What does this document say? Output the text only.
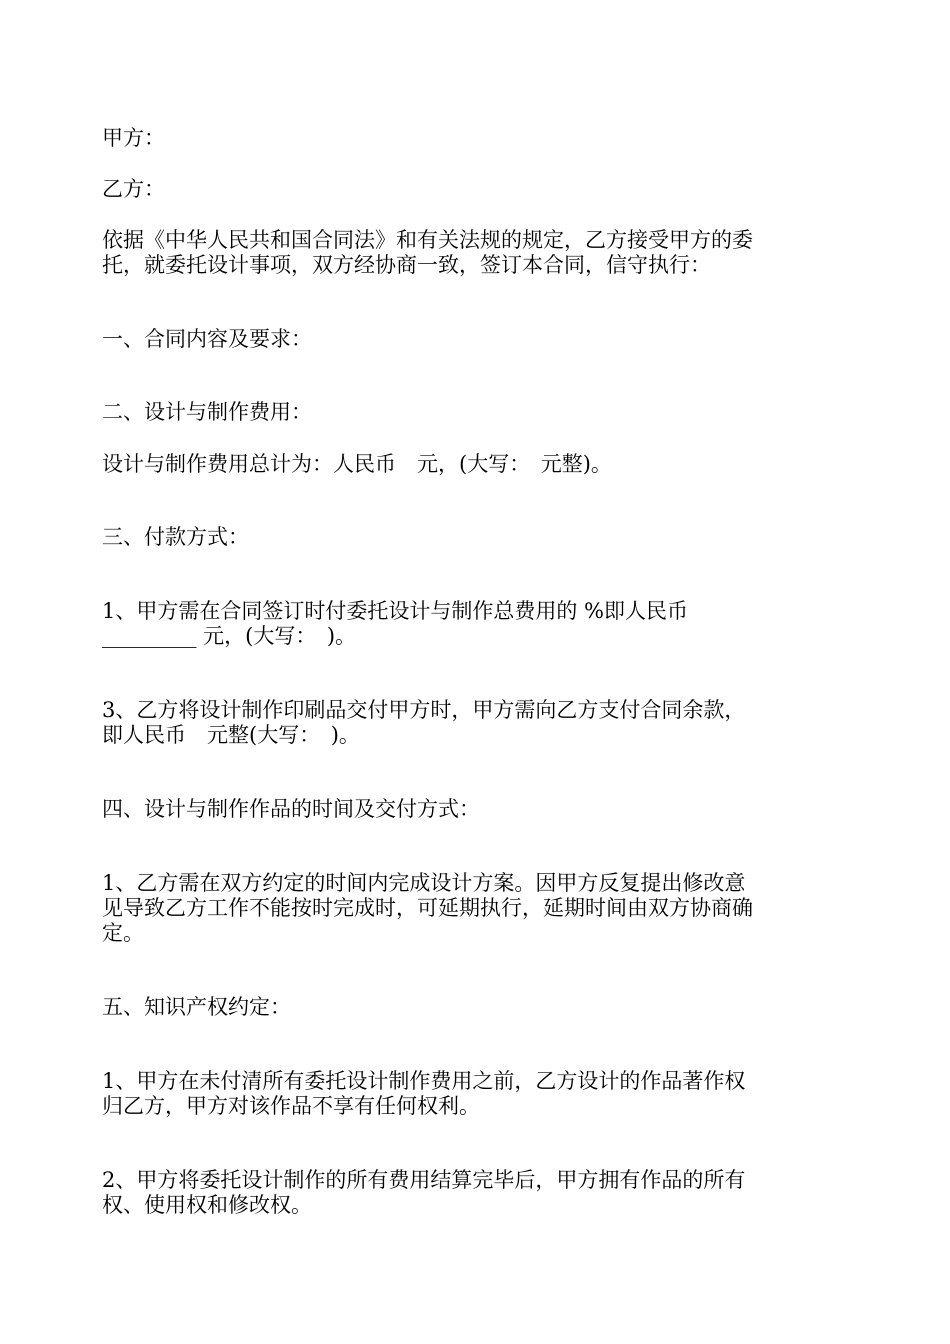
甲方：

乙方：

依据《中华人民共和国合同法》和有关法规的规定，乙方接受甲方的委

托，就委托设计事项，双方经协商一致，签订本合同，信守执行：

一、合同内容及要求：

二、设计与制作费用：

设计与制作费用总计为：人民币　元，(大写：　元整)。

三、付款方式：

1、甲方需在合同签订时付委托设计与制作总费用的 %即人民币

_________ 元，(大写：　)。

3、乙方将设计制作印刷品交付甲方时，甲方需向乙方支付合同余款，

即人民币　元整(大写：　)。

四、设计与制作作品的时间及交付方式：

1、乙方需在双方约定的时间内完成设计方案。因甲方反复提出修改意

见导致乙方工作不能按时完成时，可延期执行，延期时间由双方协商确

定。

五、知识产权约定：

1、甲方在未付清所有委托设计制作费用之前，乙方设计的作品著作权

归乙方，甲方对该作品不享有任何权利。

2、甲方将委托设计制作的所有费用结算完毕后，甲方拥有作品的所有

权、使用权和修改权。
